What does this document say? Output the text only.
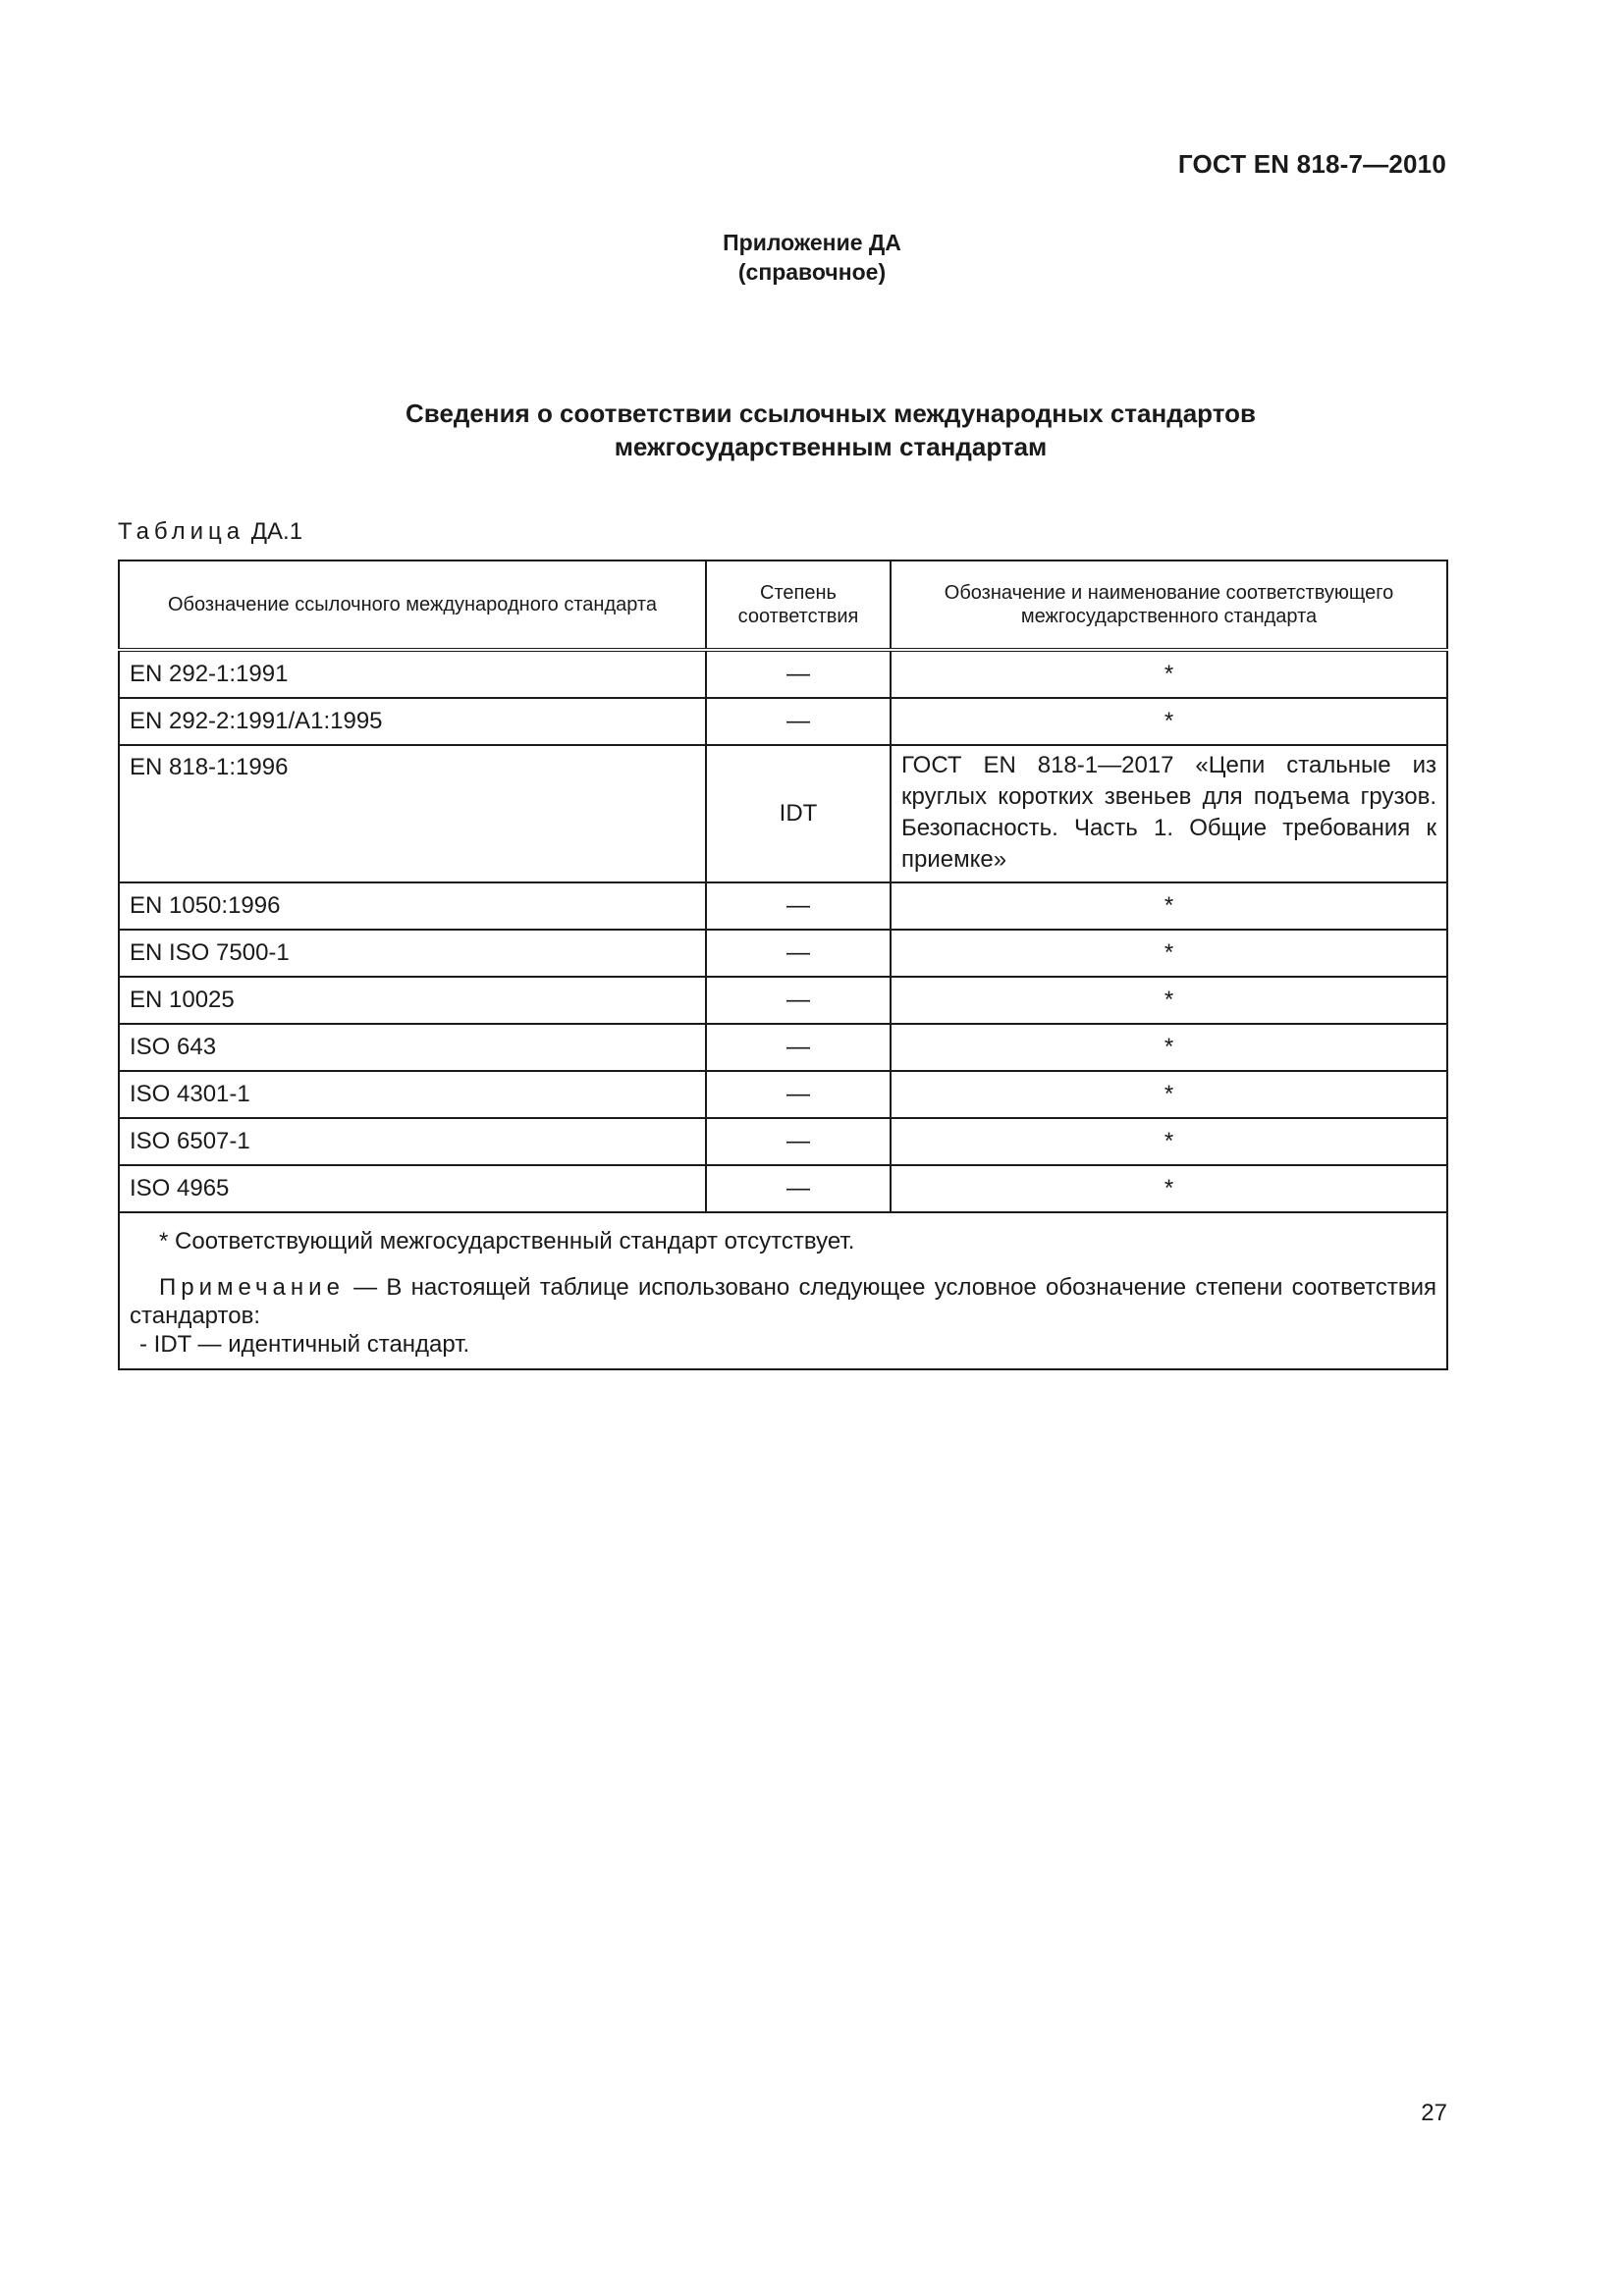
ГОСТ EN 818-7—2010
Приложение ДА
(справочное)
Сведения о соответствии ссылочных международных стандартов
межгосударственным стандартам
Таблица ДА.1
Обозначение ссылочного международного стандарта	Степень соответствия	Обозначение и наименование соответствующего межгосударственного стандарта
EN 292-1:1991	—	*
EN 292-2:1991/A1:1995	—	*
EN 818-1:1996	IDT	ГОСТ EN 818-1—2017 «Цепи стальные из круглых коротких звеньев для подъема грузов. Безопасность. Часть 1. Общие требования к приемке»
EN 1050:1996	—	*
EN ISO 7500-1	—	*
EN 10025	—	*
ISO 643	—	*
ISO 4301-1	—	*
ISO 6507-1	—	*
ISO 4965	—	*

* Соответствующий межгосударственный стандарт отсутствует.
Примечание — В настоящей таблице использовано следующее условное обозначение степени соответствия стандартов:
- IDT — идентичный стандарт.		
27
